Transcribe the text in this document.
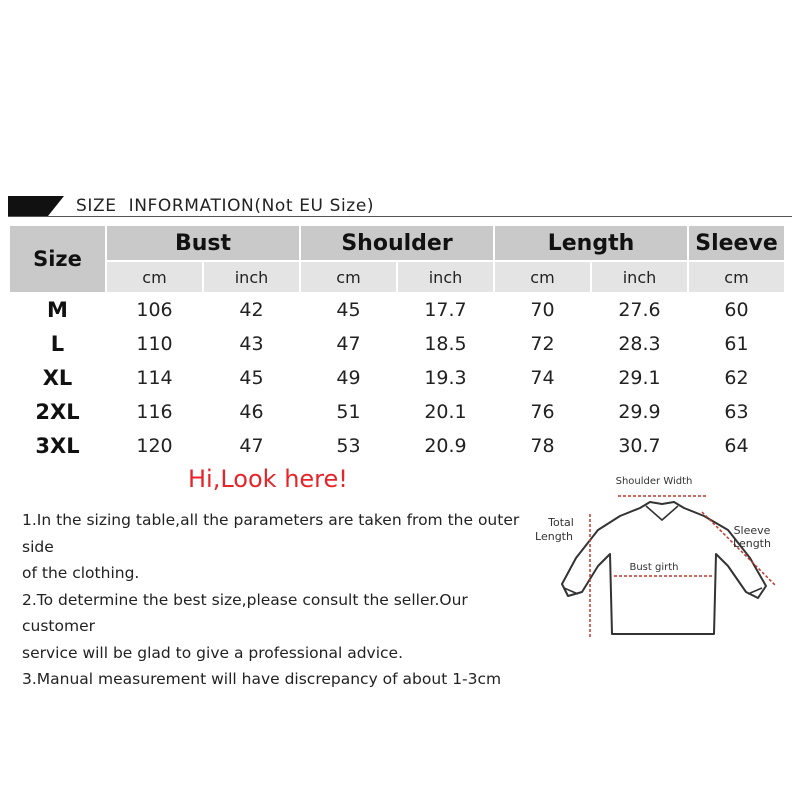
SIZE  INFORMATION(Not EU Size)
Size	Bust		Shoulder		Length		Sleeve
	cm	inch	cm	inch	cm	inch	cm
M	106	42	45	17.7	70	27.6	60
L	110	43	47	18.5	72	28.3	61
XL	114	45	49	19.3	74	29.1	62
2XL	116	46	51	20.1	76	29.9	63
3XL	120	47	53	20.9	78	30.7	64
Hi,Look here!
1.In the sizing table,all the parameters are taken from the outer side
of the clothing.
2.To determine the best size,please consult the seller.Our customer
service will be glad to give a professional advice.
3.Manual measurement will have discrepancy of about 1-3cm
Shoulder Width
Total
Length	Sleeve
Length
Bust girth
